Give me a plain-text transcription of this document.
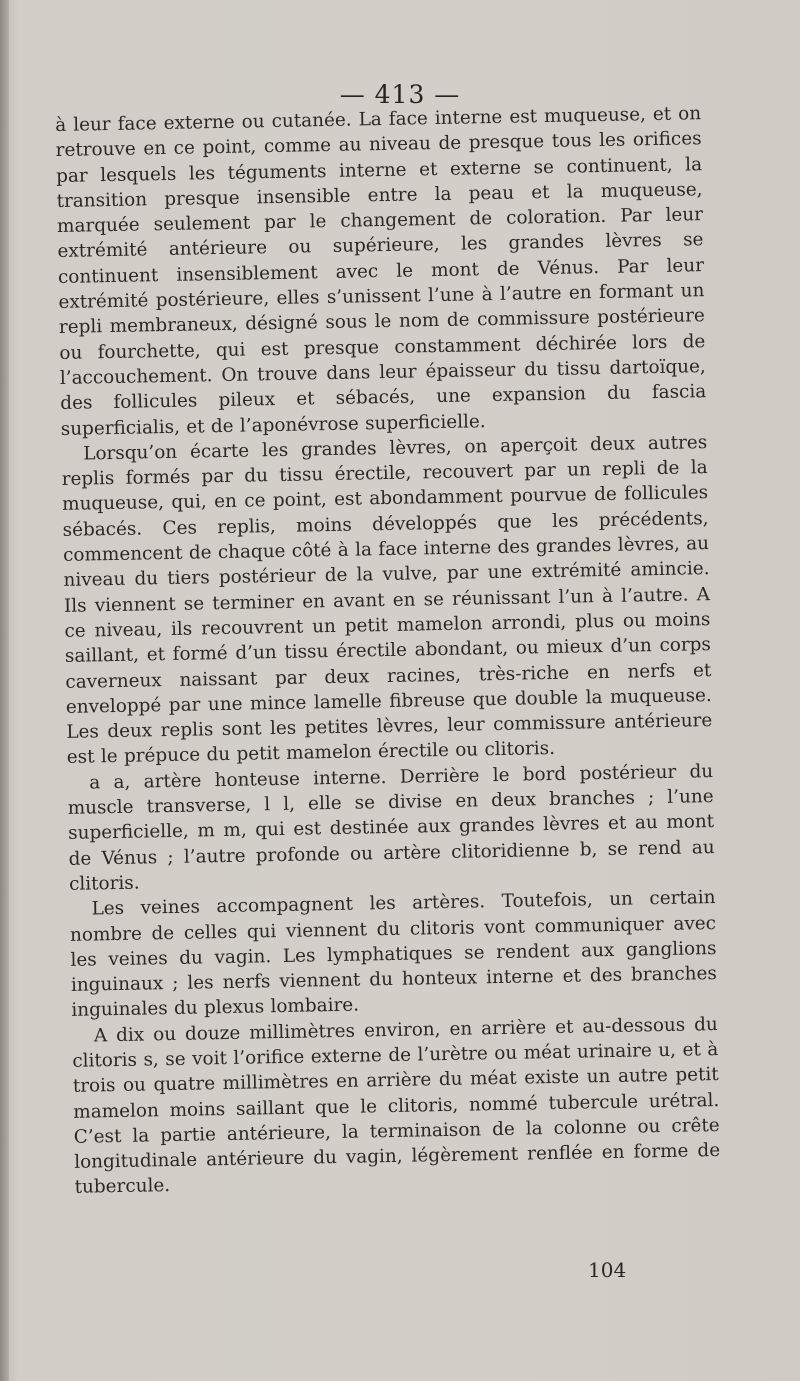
— 413 —

à leur face externe ou cutanée. La face interne est muqueuse, et on retrouve en ce point, comme au niveau de presque tous les orifices par lesquels les téguments interne et externe se continuent, la transition presque insensible entre la peau et la muqueuse, marquée seulement par le changement de coloration. Par leur extrémité antérieure ou supérieure, les grandes lèvres se continuent insensiblement avec le mont de Vénus. Par leur extrémité postérieure, elles s’unissent l’une à l’autre en formant un repli membraneux, désigné sous le nom de commissure postérieure ou fourchette, qui est presque constamment déchirée lors de l’accouchement. On trouve dans leur épaisseur du tissu dartoïque, des follicules pileux et sébacés, une expansion du fascia superficialis, et de l’aponévrose superficielle.

Lorsqu’on écarte les grandes lèvres, on aperçoit deux autres replis formés par du tissu érectile, recouvert par un repli de la muqueuse, qui, en ce point, est abondamment pourvue de follicules sébacés. Ces replis, moins développés que les précédents, commencent de chaque côté à la face interne des grandes lèvres, au niveau du tiers postérieur de la vulve, par une extrémité amincie. Ils viennent se terminer en avant en se réunissant l’un à l’autre. A ce niveau, ils recouvrent un petit mamelon arrondi, plus ou moins saillant, et formé d’un tissu érectile abondant, ou mieux d’un corps caverneux naissant par deux racines, très-riche en nerfs et enveloppé par une mince lamelle fibreuse que double la muqueuse. Les deux replis sont les petites lèvres, leur commissure antérieure est le prépuce du petit mamelon érectile ou clitoris.

a a, artère honteuse interne. Derrière le bord postérieur du muscle transverse, l l, elle se divise en deux branches ; l’une superficielle, m m, qui est destinée aux grandes lèvres et au mont de Vénus ; l’autre profonde ou artère clitoridienne b, se rend au clitoris.

Les veines accompagnent les artères. Toutefois, un certain nombre de celles qui viennent du clitoris vont communiquer avec les veines du vagin. Les lymphatiques se rendent aux ganglions inguinaux ; les nerfs viennent du honteux interne et des branches inguinales du plexus lombaire.

A dix ou douze millimètres environ, en arrière et au-dessous du clitoris s, se voit l’orifice externe de l’urètre ou méat urinaire u, et à trois ou quatre millimètres en arrière du méat existe un autre petit mamelon moins saillant que le clitoris, nommé tubercule urétral. C’est la partie antérieure, la terminaison de la colonne ou crête longitudinale antérieure du vagin, légèrement renflée en forme de tubercule.

104
